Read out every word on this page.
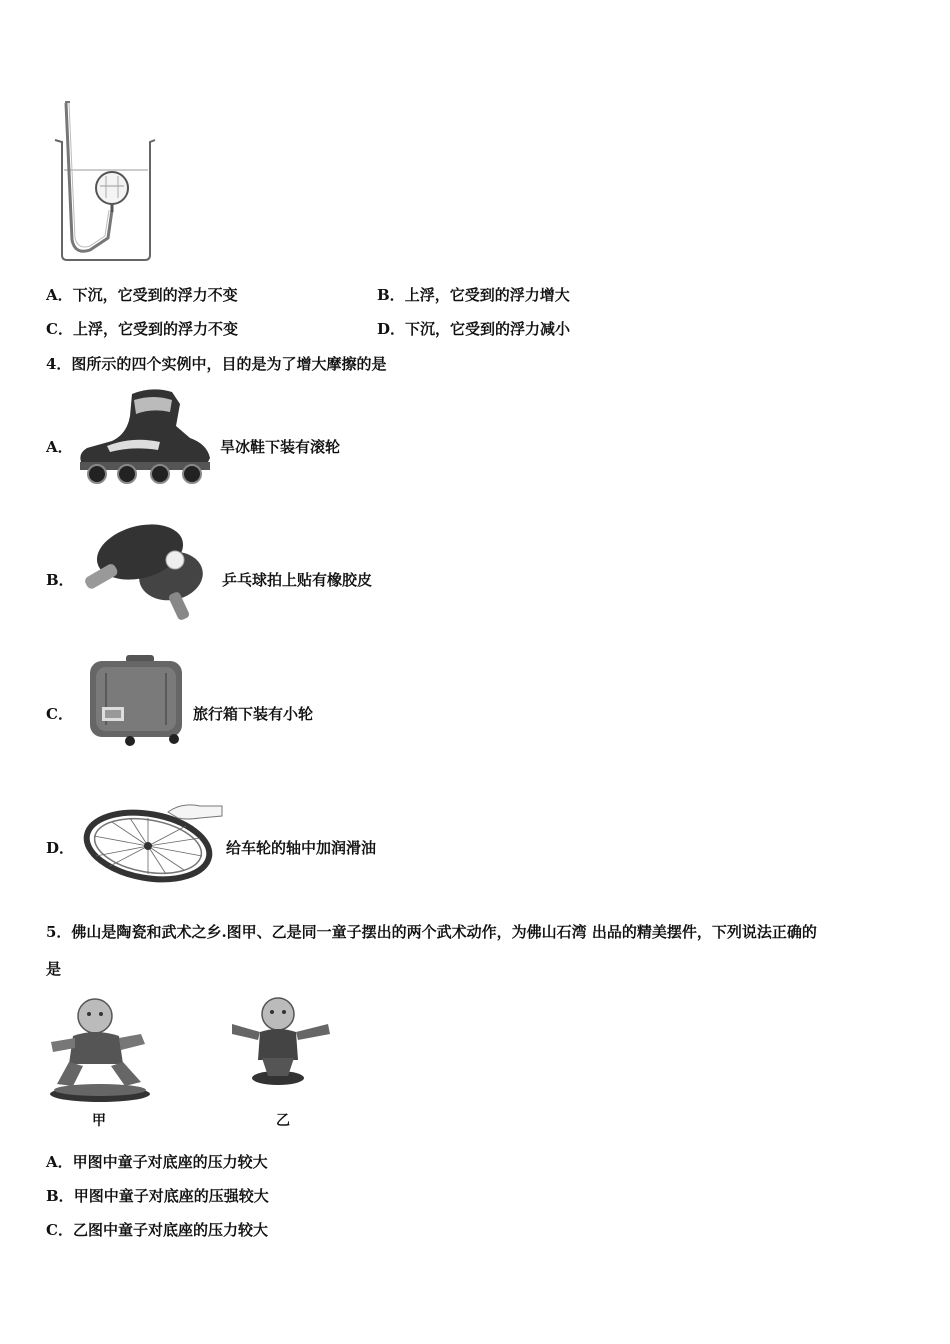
A．下沉，它受到的浮力不变	B．上浮，它受到的浮力增大
C．上浮，它受到的浮力不变	D．下沉，它受到的浮力减小
4．图所示的四个实例中，目的是为了增大摩擦的是
A．	旱冰鞋下装有滚轮
B．	乒乓球拍上贴有橡胶皮
C．	旅行箱下装有小轮
D．	给车轮的轴中加润滑油
5．佛山是陶瓷和武术之乡.图甲、乙是同一童子摆出的两个武术动作，为佛山石湾 出品的精美摆件，下列说法正确的
是
甲	乙
A．甲图中童子对底座的压力较大
B．甲图中童子对底座的压强较大
C．乙图中童子对底座的压力较大
